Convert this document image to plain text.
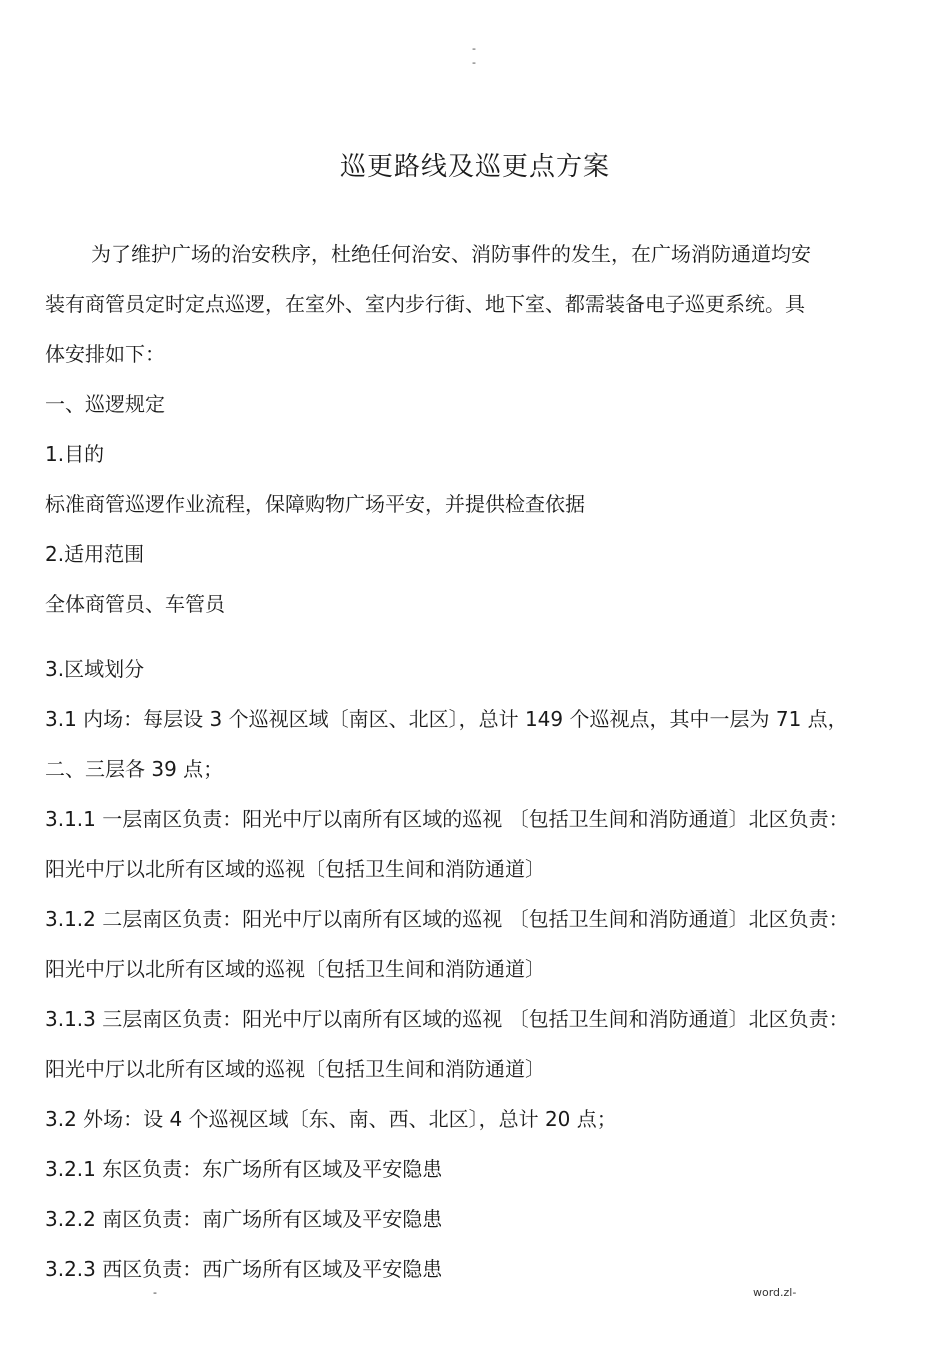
-
-
巡更路线及巡更点方案
为了维护广场的治安秩序，杜绝任何治安、消防事件的发生，在广场消防通道均安
装有商管员定时定点巡逻，在室外、室内步行街、地下室、都需装备电子巡更系统。具
体安排如下：
一、巡逻规定
1.目的
标准商管巡逻作业流程，保障购物广场平安，并提供检查依据
2.适用范围
全体商管员、车管员
3.区域划分
3.1 内场：每层设 3 个巡视区域〔南区、北区〕，总计 149 个巡视点，其中一层为 71 点，
二、三层各 39 点；
3.1.1 一层南区负责：阳光中厅以南所有区域的巡视 〔包括卫生间和消防通道〕北区负责：
阳光中厅以北所有区域的巡视〔包括卫生间和消防通道〕
3.1.2 二层南区负责：阳光中厅以南所有区域的巡视 〔包括卫生间和消防通道〕北区负责：
阳光中厅以北所有区域的巡视〔包括卫生间和消防通道〕
3.1.3 三层南区负责：阳光中厅以南所有区域的巡视 〔包括卫生间和消防通道〕北区负责：
阳光中厅以北所有区域的巡视〔包括卫生间和消防通道〕
3.2 外场：设 4 个巡视区域〔东、南、西、北区〕，总计 20 点；
3.2.1 东区负责：东广场所有区域及平安隐患
3.2.2 南区负责：南广场所有区域及平安隐患
3.2.3 西区负责：西广场所有区域及平安隐患
-	word.zl-
